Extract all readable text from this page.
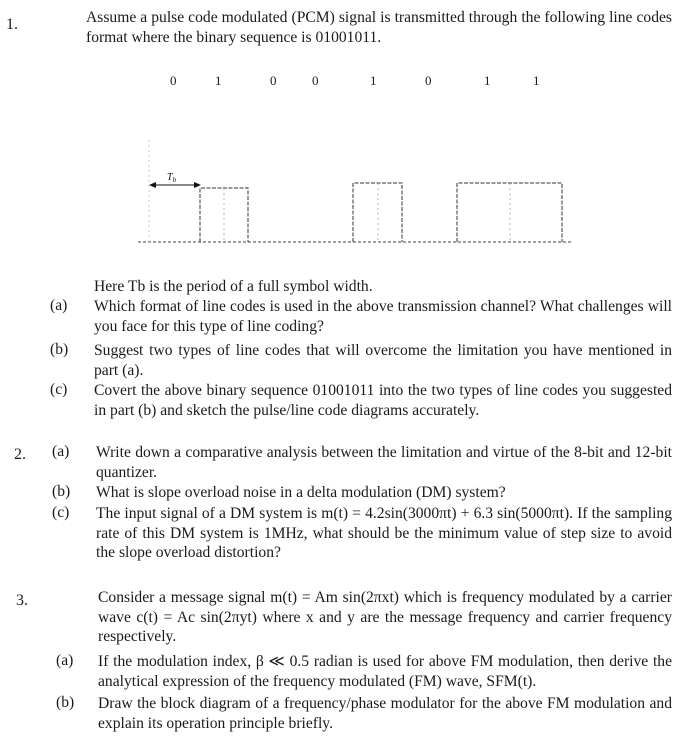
1.	Assume a pulse code modulated (PCM) signal is transmitted through the following line codes format where the binary sequence is 01001011.
0	1	0	0	1	0	1	1
$T_b$
Here Tb is the period of a full symbol width.
(a) Which format of line codes is used in the above transmission channel? What challenges will you face for this type of line coding?
(b) Suggest two types of line codes that will overcome the limitation you have mentioned in part (a).
(c) Covert the above binary sequence 01001011 into the two types of line codes you suggested in part (b) and sketch the pulse/line code diagrams accurately.
2. (a) Write down a comparative analysis between the limitation and virtue of the 8-bit and 12-bit quantizer.
(b) What is slope overload noise in a delta modulation (DM) system?
(c) The input signal of a DM system is m(t) = 4.2sin(3000πt) + 6.3 sin(5000πt). If the sampling rate of this DM system is 1MHz, what should be the minimum value of step size to avoid the slope overload distortion?
3.	Consider a message signal m(t) = Am sin(2πxt) which is frequency modulated by a carrier wave c(t) = Ac sin(2πyt) where x and y are the message frequency and carrier frequency respectively.
(a) If the modulation index, β ≪ 0.5 radian is used for above FM modulation, then derive the analytical expression of the frequency modulated (FM) wave, SFM(t).
(b) Draw the block diagram of a frequency/phase modulator for the above FM modulation and explain its operation principle briefly.
